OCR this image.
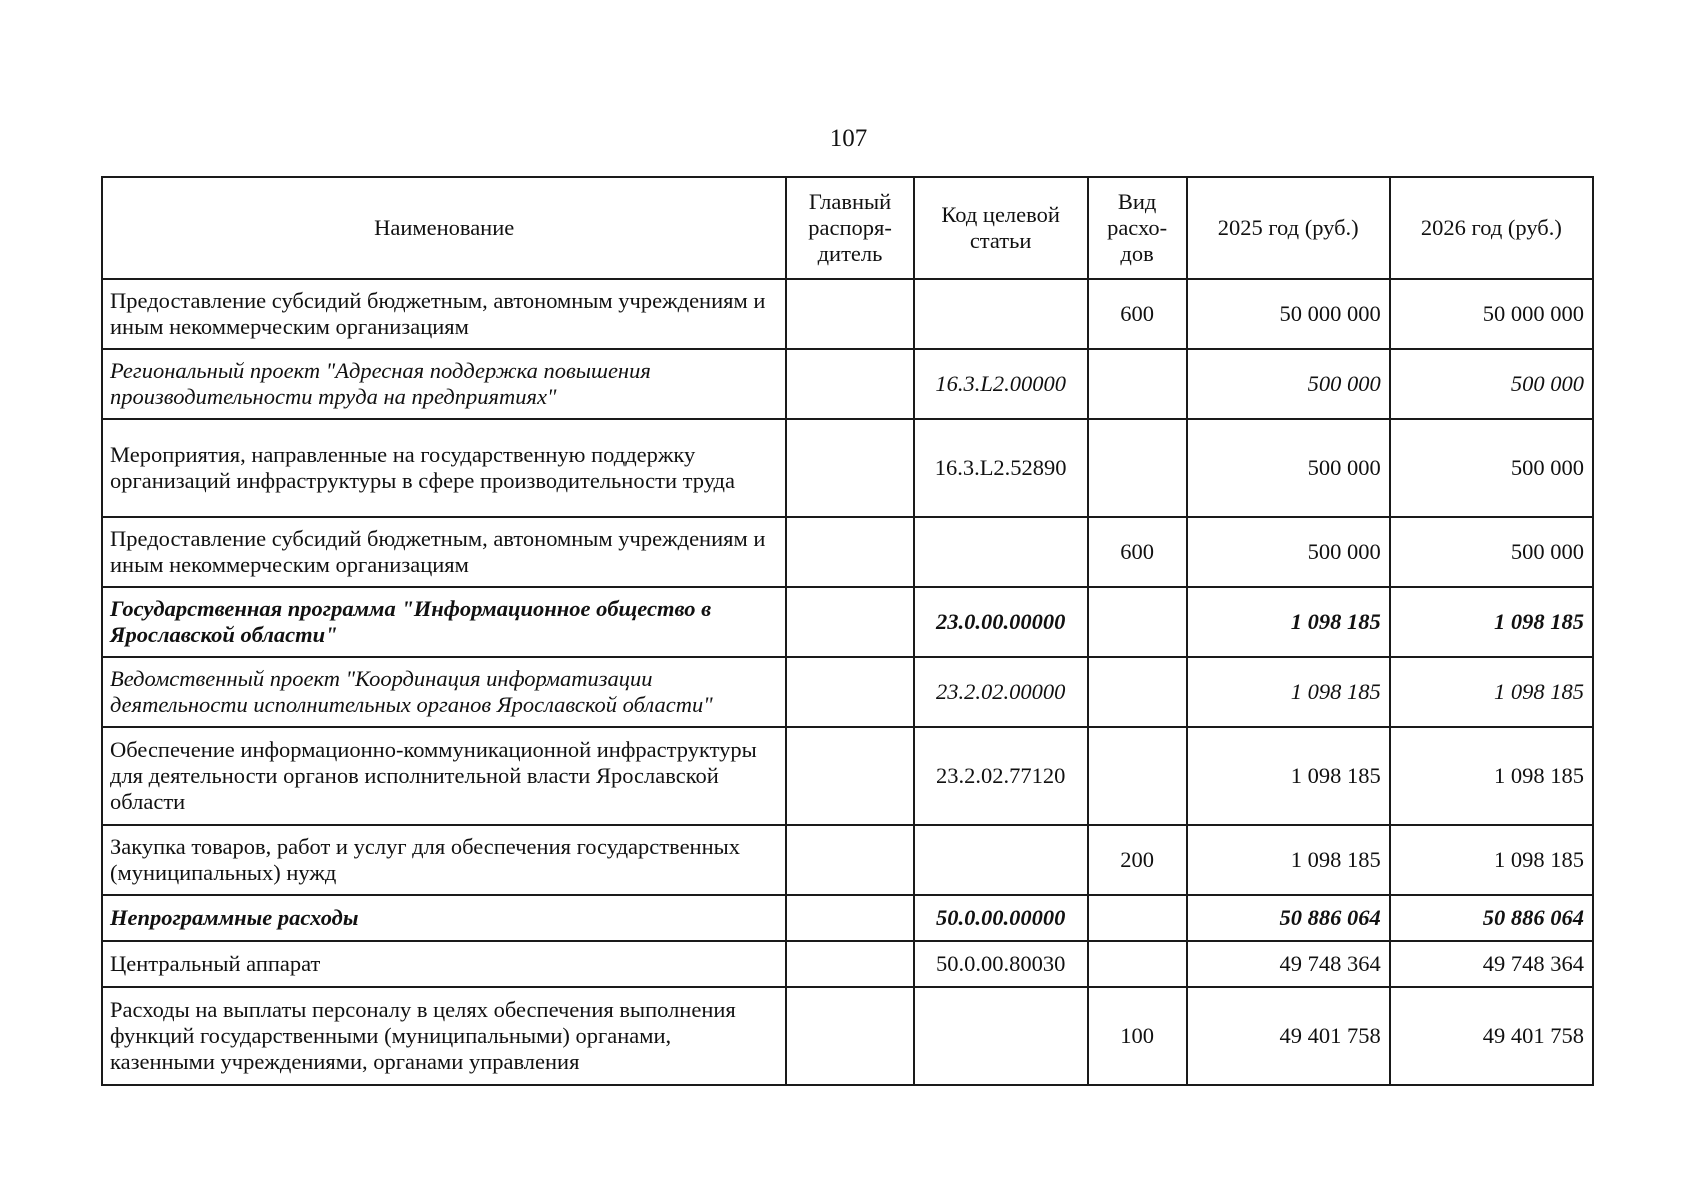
107
Наименование	Главный распоря-дитель	Код целевой статьи	Вид расхо-дов	2025 год (руб.)	2026 год (руб.)
Предоставление субсидий бюджетным, автономным учреждениям и иным некоммерческим организациям			600	50 000 000	50 000 000
Региональный проект "Адресная поддержка повышения производительности труда на предприятиях"		16.3.L2.00000		500 000	500 000
Мероприятия, направленные на государственную поддержку организаций инфраструктуры в сфере производительности труда		16.3.L2.52890		500 000	500 000
Предоставление субсидий бюджетным, автономным учреждениям и иным некоммерческим организациям			600	500 000	500 000
Государственная программа "Информационное общество в Ярославской области"		23.0.00.00000		1 098 185	1 098 185
Ведомственный проект "Координация информатизации деятельности исполнительных органов Ярославской области"		23.2.02.00000		1 098 185	1 098 185
Обеспечение информационно-коммуникационной инфраструктуры для деятельности органов исполнительной власти Ярославской области		23.2.02.77120		1 098 185	1 098 185
Закупка товаров, работ и услуг для обеспечения государственных (муниципальных) нужд			200	1 098 185	1 098 185
Непрограммные расходы		50.0.00.00000		50 886 064	50 886 064
Центральный аппарат		50.0.00.80030		49 748 364	49 748 364
Расходы на выплаты персоналу в целях обеспечения выполнения функций государственными (муниципальными) органами, казенными учреждениями, органами управления			100	49 401 758	49 401 758
